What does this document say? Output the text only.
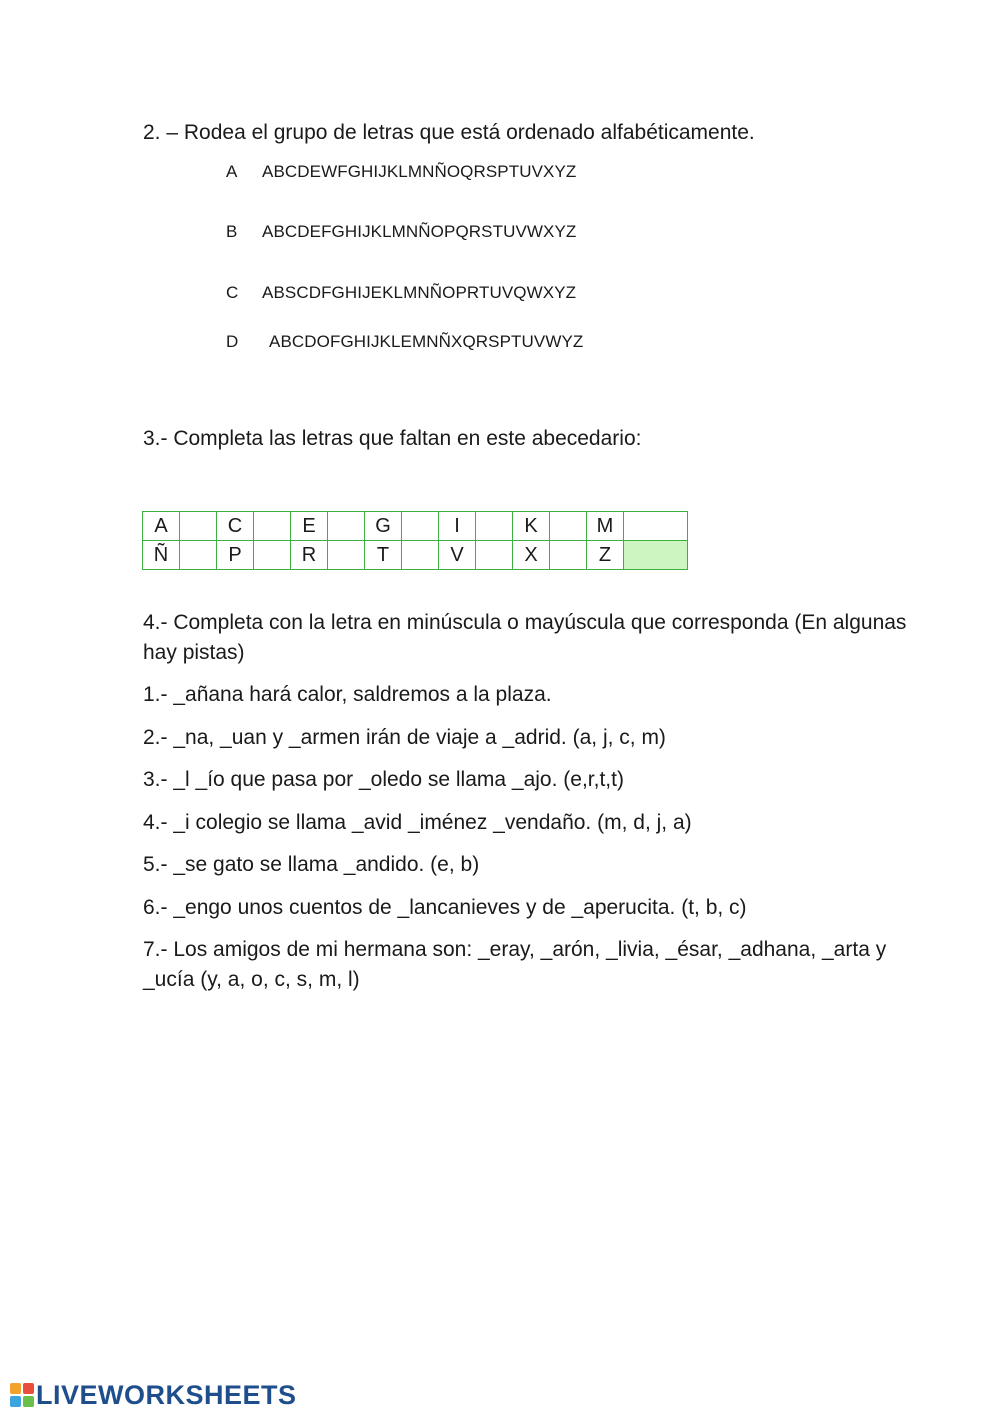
2. – Rodea el grupo de letras que está ordenado alfabéticamente.
A ABCDEWFGHIJKLMNÑOQRSPTUVXYZ
B ABCDEFGHIJKLMNÑOPQRSTUVWXYZ
C ABSCDFGHIJEKLMNÑOPRTUVQWXYZ
D ABCDOFGHIJKLEMNÑXQRSPTUVWYZ
3.- Completa las letras que faltan en este abecedario:
A		C		E		G		I		K		M	
Ñ		P		R		T		V		X		Z	
4.- Completa con la letra en minúscula o mayúscula que corresponda (En algunas hay pistas)
1.- _añana hará calor, saldremos a la plaza.
2.- _na, _uan y _armen irán de viaje a _adrid. (a, j, c, m)
3.- _l _ío que pasa por _oledo se llama _ajo. (e,r,t,t)
4.- _i colegio se llama _avid _iménez _vendaño. (m, d, j, a)
5.- _se gato se llama _andido. (e, b)
6.- _engo unos cuentos de _lancanieves y de _aperucita. (t, b, c)
7.- Los amigos de mi hermana son: _eray, _arón, _livia, _ésar, _adhana, _arta y _ucía (y, a, o, c, s, m, l)
LIVEWORKSHEETS
